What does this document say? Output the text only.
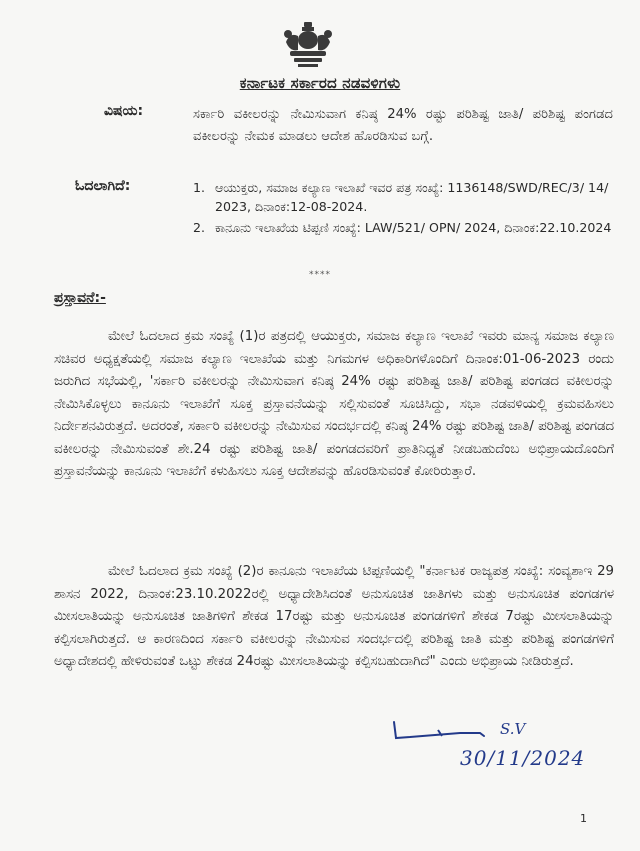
ಕರ್ನಾಟಕ ಸರ್ಕಾರದ ನಡವಳಿಗಳು
ವಿಷಯ:	ಸರ್ಕಾರಿ ವಕೀಲರನ್ನು ನೇಮಿಸುವಾಗ ಕನಿಷ್ಠ 24% ರಷ್ಟು ಪರಿಶಿಷ್ಟ ಜಾತಿ/ ಪರಿಶಿಷ್ಟ ಪಂಗಡದ ವಕೀಲರನ್ನು ನೇಮಕ ಮಾಡಲು ಆದೇಶ ಹೊರಡಿಸುವ ಬಗ್ಗೆ.
ಓದಲಾಗಿದೆ:	1. ಆಯುಕ್ತರು, ಸಮಾಜ ಕಲ್ಯಾಣ ಇಲಾಖೆ ಇವರ ಪತ್ರ ಸಂಖ್ಯೆ: 1136148/SWD/REC/3/ 14/ 2023, ದಿನಾಂಕ:12-08-2024.
2. ಕಾನೂನು ಇಲಾಖೆಯ ಟಿಪ್ಪಣಿ ಸಂಖ್ಯೆ: LAW/521/ OPN/ 2024, ದಿನಾಂಕ:22.10.2024
****
ಪ್ರಸ್ತಾವನೆ:-
ಮೇಲೆ ಓದಲಾದ ಕ್ರಮ ಸಂಖ್ಯೆ (1)ರ ಪತ್ರದಲ್ಲಿ ಆಯುಕ್ತರು, ಸಮಾಜ ಕಲ್ಯಾಣ ಇಲಾಖೆ ಇವರು ಮಾನ್ಯ ಸಮಾಜ ಕಲ್ಯಾಣ ಸಚಿವರ ಅಧ್ಯಕ್ಷತೆಯಲ್ಲಿ ಸಮಾಜ ಕಲ್ಯಾಣ ಇಲಾಖೆಯ ಮತ್ತು ನಿಗಮಗಳ ಅಧಿಕಾರಿಗಳೊಂದಿಗೆ ದಿನಾಂಕ:01-06-2023 ರಂದು ಜರುಗಿದ ಸಭೆಯಲ್ಲಿ, 'ಸರ್ಕಾರಿ ವಕೀಲರನ್ನು ನೇಮಿಸುವಾಗ ಕನಿಷ್ಠ 24% ರಷ್ಟು ಪರಿಶಿಷ್ಟ ಜಾತಿ/ ಪರಿಶಿಷ್ಟ ಪಂಗಡದ ವಕೀಲರನ್ನು ನೇಮಿಸಿಕೊಳ್ಳಲು ಕಾನೂನು ಇಲಾಖೆಗೆ ಸೂಕ್ತ ಪ್ರಸ್ತಾವನೆಯನ್ನು ಸಲ್ಲಿಸುವಂತೆ ಸೂಚಿಸಿದ್ದು, ಸಭಾ ನಡವಳಿಯಲ್ಲಿ ಕ್ರಮವಹಿಸಲು ನಿರ್ದೇಶನವಿರುತ್ತದೆ. ಅದರಂತೆ, ಸರ್ಕಾರಿ ವಕೀಲರನ್ನು ನೇಮಿಸುವ ಸಂದರ್ಭದಲ್ಲಿ ಕನಿಷ್ಠ 24% ರಷ್ಟು ಪರಿಶಿಷ್ಟ ಜಾತಿ/ ಪರಿಶಿಷ್ಟ ಪಂಗಡದ ವಕೀಲರನ್ನು ನೇಮಿಸುವಂತೆ ಶೇ.24 ರಷ್ಟು ಪರಿಶಿಷ್ಟ ಜಾತಿ/ ಪಂಗಡದವರಿಗೆ ಪ್ರಾತಿನಿಧ್ಯತೆ ನೀಡಬಹುದೆಂಬ ಅಭಿಪ್ರಾಯದೊಂದಿಗೆ ಪ್ರಸ್ತಾವನೆಯನ್ನು ಕಾನೂನು ಇಲಾಖೆಗೆ ಕಳುಹಿಸಲು ಸೂಕ್ತ ಆದೇಶವನ್ನು ಹೊರಡಿಸುವಂತೆ ಕೋರಿರುತ್ತಾರೆ.
ಮೇಲೆ ಓದಲಾದ ಕ್ರಮ ಸಂಖ್ಯೆ (2)ರ ಕಾನೂನು ಇಲಾಖೆಯ ಟಿಪ್ಪಣಿಯಲ್ಲಿ "ಕರ್ನಾಟಕ ರಾಜ್ಯಪತ್ರ ಸಂಖ್ಯೆ: ಸಂವ್ಯಶಾಇ 29 ಶಾಸನ 2022, ದಿನಾಂಕ:23.10.2022ರಲ್ಲಿ ಅಧ್ಯಾದೇಶಿಸಿದಂತೆ ಅನುಸೂಚಿತ ಜಾತಿಗಳು ಮತ್ತು ಅನುಸೂಚಿತ ಪಂಗಡಗಳ ಮೀಸಲಾತಿಯನ್ನು ಅನುಸೂಚಿತ ಜಾತಿಗಳಿಗೆ ಶೇಕಡ 17ರಷ್ಟು ಮತ್ತು ಅನುಸೂಚಿತ ಪಂಗಡಗಳಿಗೆ ಶೇಕಡ 7ರಷ್ಟು ಮೀಸಲಾತಿಯನ್ನು ಕಲ್ಪಿಸಲಾಗಿರುತ್ತದೆ. ಆ ಕಾರಣದಿಂದ ಸರ್ಕಾರಿ ವಕೀಲರನ್ನು ನೇಮಿಸುವ ಸಂದರ್ಭದಲ್ಲಿ ಪರಿಶಿಷ್ಟ ಜಾತಿ ಮತ್ತು ಪರಿಶಿಷ್ಟ ಪಂಗಡಗಳಿಗೆ ಅಧ್ಯಾದೇಶದಲ್ಲಿ ಹೇಳಿರುವಂತೆ ಒಟ್ಟು ಶೇಕಡ 24ರಷ್ಟು ಮೀಸಲಾತಿಯನ್ನು ಕಲ್ಪಿಸಬಹುದಾಗಿದೆ" ಎಂದು ಅಭಿಪ್ರಾಯ ನೀಡಿರುತ್ತದೆ.
S.V
30/11/2024
1
